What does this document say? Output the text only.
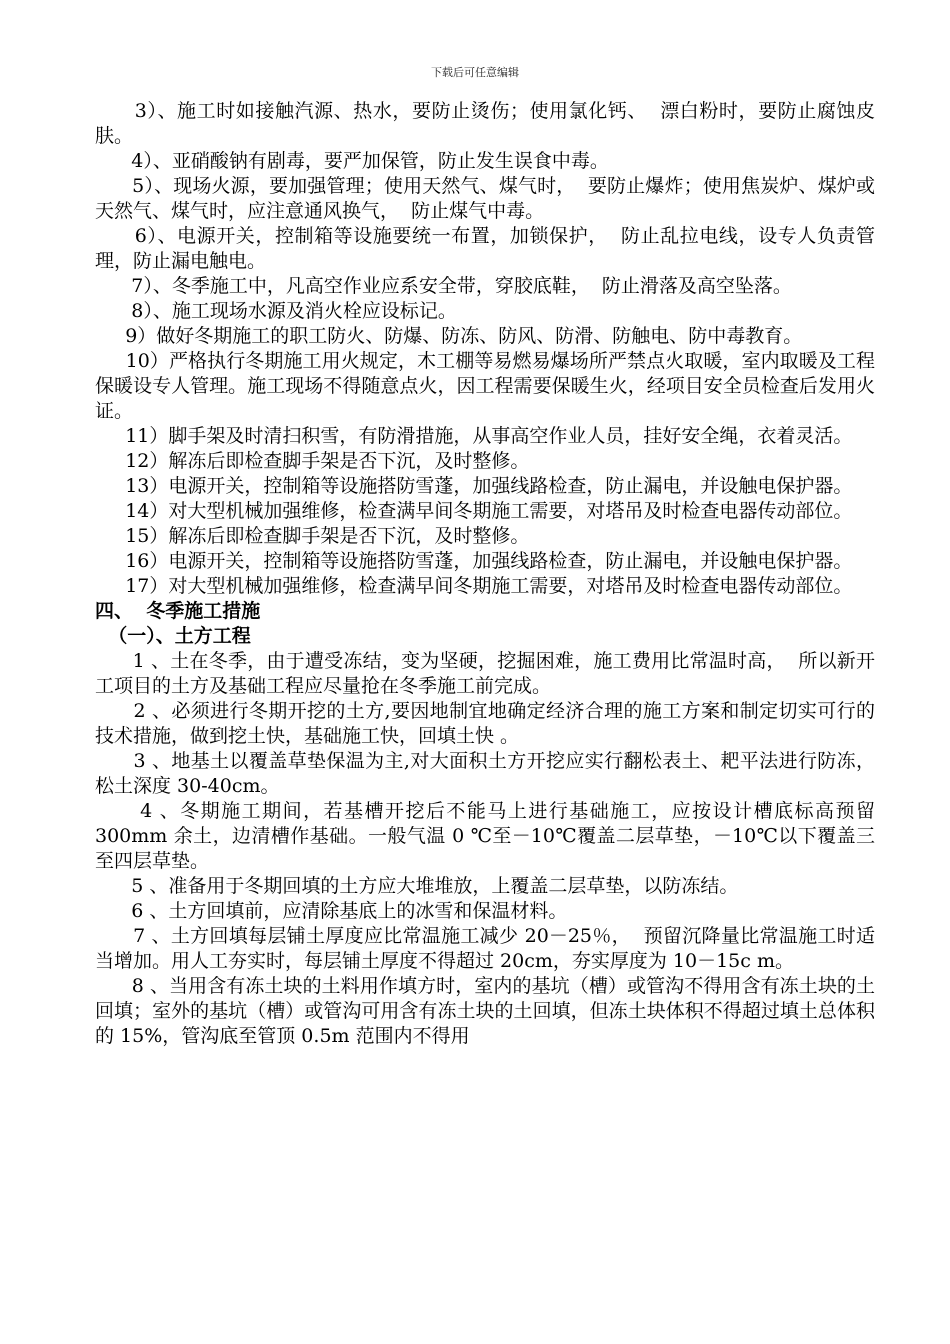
下载后可任意编辑

3）、施工时如接触汽源、热水，要防止烫伤；使用氯化钙、  漂白粉时，要防止腐蚀皮肤。

4）、亚硝酸钠有剧毒，要严加保管，防止发生误食中毒。

5）、现场火源，要加强管理；使用天然气、煤气时，  要防止爆炸；使用焦炭炉、煤炉或天然气、煤气时，应注意通风换气，  防止煤气中毒。

6）、电源开关，控制箱等设施要统一布置，加锁保护，  防止乱拉电线，设专人负责管理，防止漏电触电。

7）、冬季施工中，凡高空作业应系安全带，穿胶底鞋，  防止滑落及高空坠落。

8）、施工现场水源及消火栓应设标记。

9）做好冬期施工的职工防火、防爆、防冻、防风、防滑、防触电、防中毒教育。

10）严格执行冬期施工用火规定，木工棚等易燃易爆场所严禁点火取暖，室内取暖及工程保暖设专人管理。施工现场不得随意点火，因工程需要保暖生火，经项目安全员检查后发用火证。

11）脚手架及时清扫积雪，有防滑措施，从事高空作业人员，挂好安全绳，衣着灵活。

12）解冻后即检查脚手架是否下沉，及时整修。

13）电源开关，控制箱等设施搭防雪蓬，加强线路检查，防止漏电，并设触电保护器。

14）对大型机械加强维修，检查满早间冬期施工需要，对塔吊及时检查电器传动部位。

15）解冻后即检查脚手架是否下沉，及时整修。

16）电源开关，控制箱等设施搭防雪蓬，加强线路检查，防止漏电，并设触电保护器。

17）对大型机械加强维修，检查满早间冬期施工需要，对塔吊及时检查电器传动部位。

四、  冬季施工措施

（一）、土方工程

1 、土在冬季，由于遭受冻结，变为坚硬，挖掘困难，施工费用比常温时高，  所以新开工项目的土方及基础工程应尽量抢在冬季施工前完成。

2 、必须进行冬期开挖的土方,要因地制宜地确定经济合理的施工方案和制定切实可行的技术措施，做到挖土快，基础施工快，回填土快 。

3 、地基土以覆盖草垫保温为主,对大面积土方开挖应实行翻松表土、耙平法进行防冻，松土深度 30-40cm。

4 、冬期施工期间，若基槽开挖后不能马上进行基础施工，应按设计槽底标高预留 300mm 余土，边清槽作基础。一般气温 0 ℃至－10℃覆盖二层草垫，－10℃以下覆盖三至四层草垫。

5 、准备用于冬期回填的土方应大堆堆放，上覆盖二层草垫，以防冻结。

6 、土方回填前，应清除基底上的冰雪和保温材料。

7 、土方回填每层铺土厚度应比常温施工减少 20－25％，  预留沉降量比常温施工时适当增加。用人工夯实时，每层铺土厚度不得超过 20cm，夯实厚度为 10－15c m。

8 、当用含有冻土块的土料用作填方时，室内的基坑（槽）或管沟不得用含有冻土块的土回填；室外的基坑（槽）或管沟可用含有冻土块的土回填，但冻土块体积不得超过填土总体积的 15%，管沟底至管顶 0.5m 范围内不得用
